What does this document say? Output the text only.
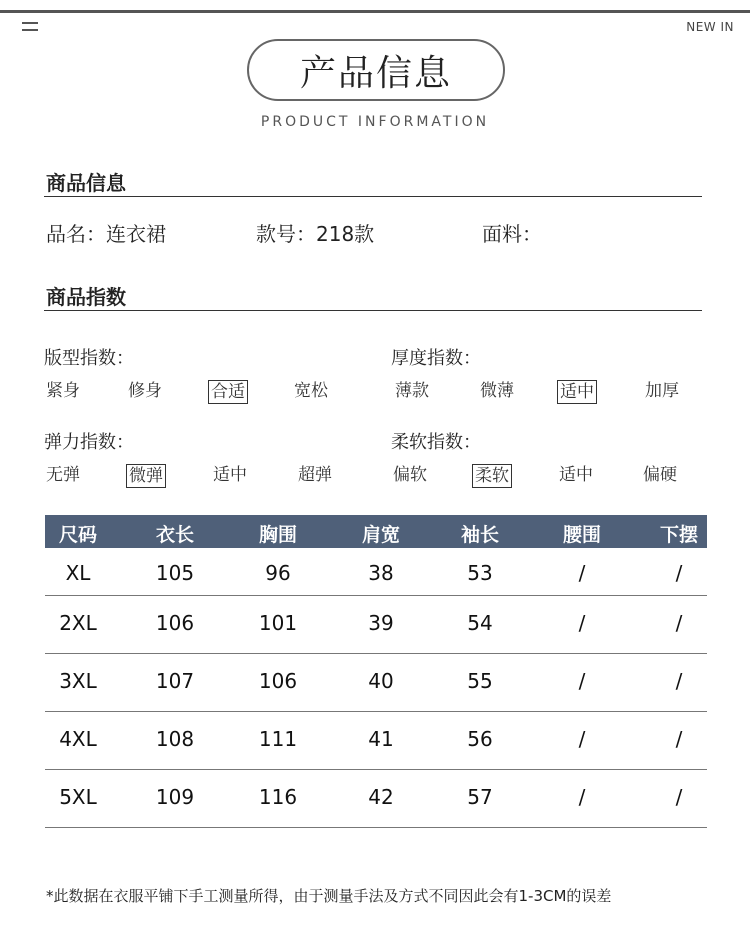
NEW IN
产品信息
PRODUCT INFORMATION
商品信息
品名：连衣裙	款号：218款	面料：
商品指数
版型指数：
紧身	修身	合适	宽松
厚度指数：
薄款	微薄	适中	加厚
弹力指数：
无弹	微弹	适中	超弹
柔软指数：
偏软	柔软	适中	偏硬
尺码	衣长	胸围	肩宽	袖长	腰围	下摆
XL	105	96	38	53	/	/
2XL	106	101	39	54	/	/
3XL	107	106	40	55	/	/
4XL	108	111	41	56	/	/
5XL	109	116	42	57	/	/
*此数据在衣服平铺下手工测量所得，由于测量手法及方式不同因此会有1-3CM的误差
